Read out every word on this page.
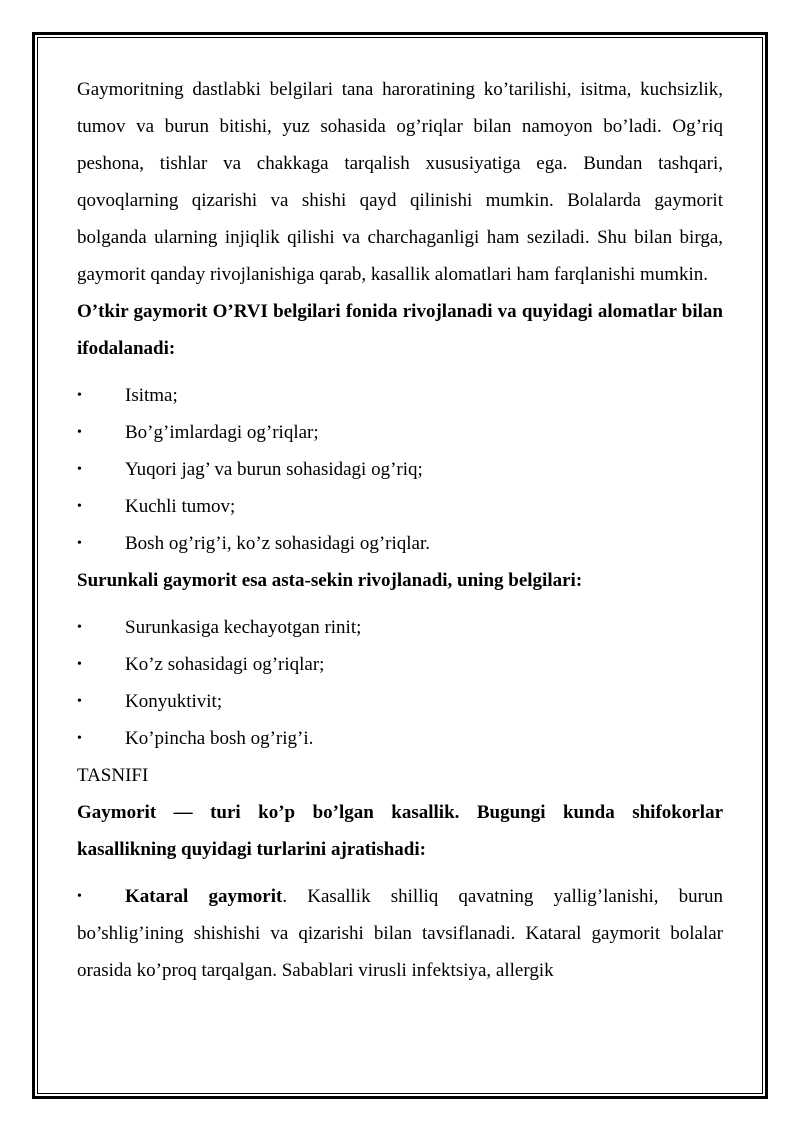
Gaymoritning dastlabki belgilari tana haroratining ko’tarilishi, isitma, kuchsizlik, tumov va burun bitishi, yuz sohasida og’riqlar bilan namoyon bo’ladi. Og’riq peshona, tishlar va chakkaga tarqalish xususiyatiga ega. Bundan tashqari, qovoqlarning qizarishi va shishi qayd qilinishi mumkin. Bolalarda gaymorit bolganda ularning injiqlik qilishi va charchaganligi ham seziladi. Shu bilan birga, gaymorit qanday rivojlanishiga qarab, kasallik alomatlari ham farqlanishi mumkin.

O’tkir gaymorit O’RVI belgilari fonida rivojlanadi va quyidagi alomatlar bilan ifodalanadi:

• Isitma;
• Bo’g’imlardagi og’riqlar;
• Yuqori jag’ va burun sohasidagi og’riq;
• Kuchli tumov;
• Bosh og’rig’i, ko’z sohasidagi og’riqlar.

Surunkali gaymorit esa asta-sekin rivojlanadi, uning belgilari:

• Surunkasiga kechayotgan rinit;
• Ko’z sohasidagi og’riqlar;
• Konyuktivit;
• Ko’pincha bosh og’rig’i.

TASNIFI

Gaymorit — turi ko’p bo’lgan kasallik. Bugungi kunda shifokorlar kasallikning quyidagi turlarini ajratishadi:

• Kataral gaymorit. Kasallik shilliq qavatning yallig’lanishi, burun bo’shlig’ining shishishi va qizarishi bilan tavsiflanadi. Kataral gaymorit bolalar orasida ko’proq tarqalgan. Sabablari virusli infektsiya, allergik
